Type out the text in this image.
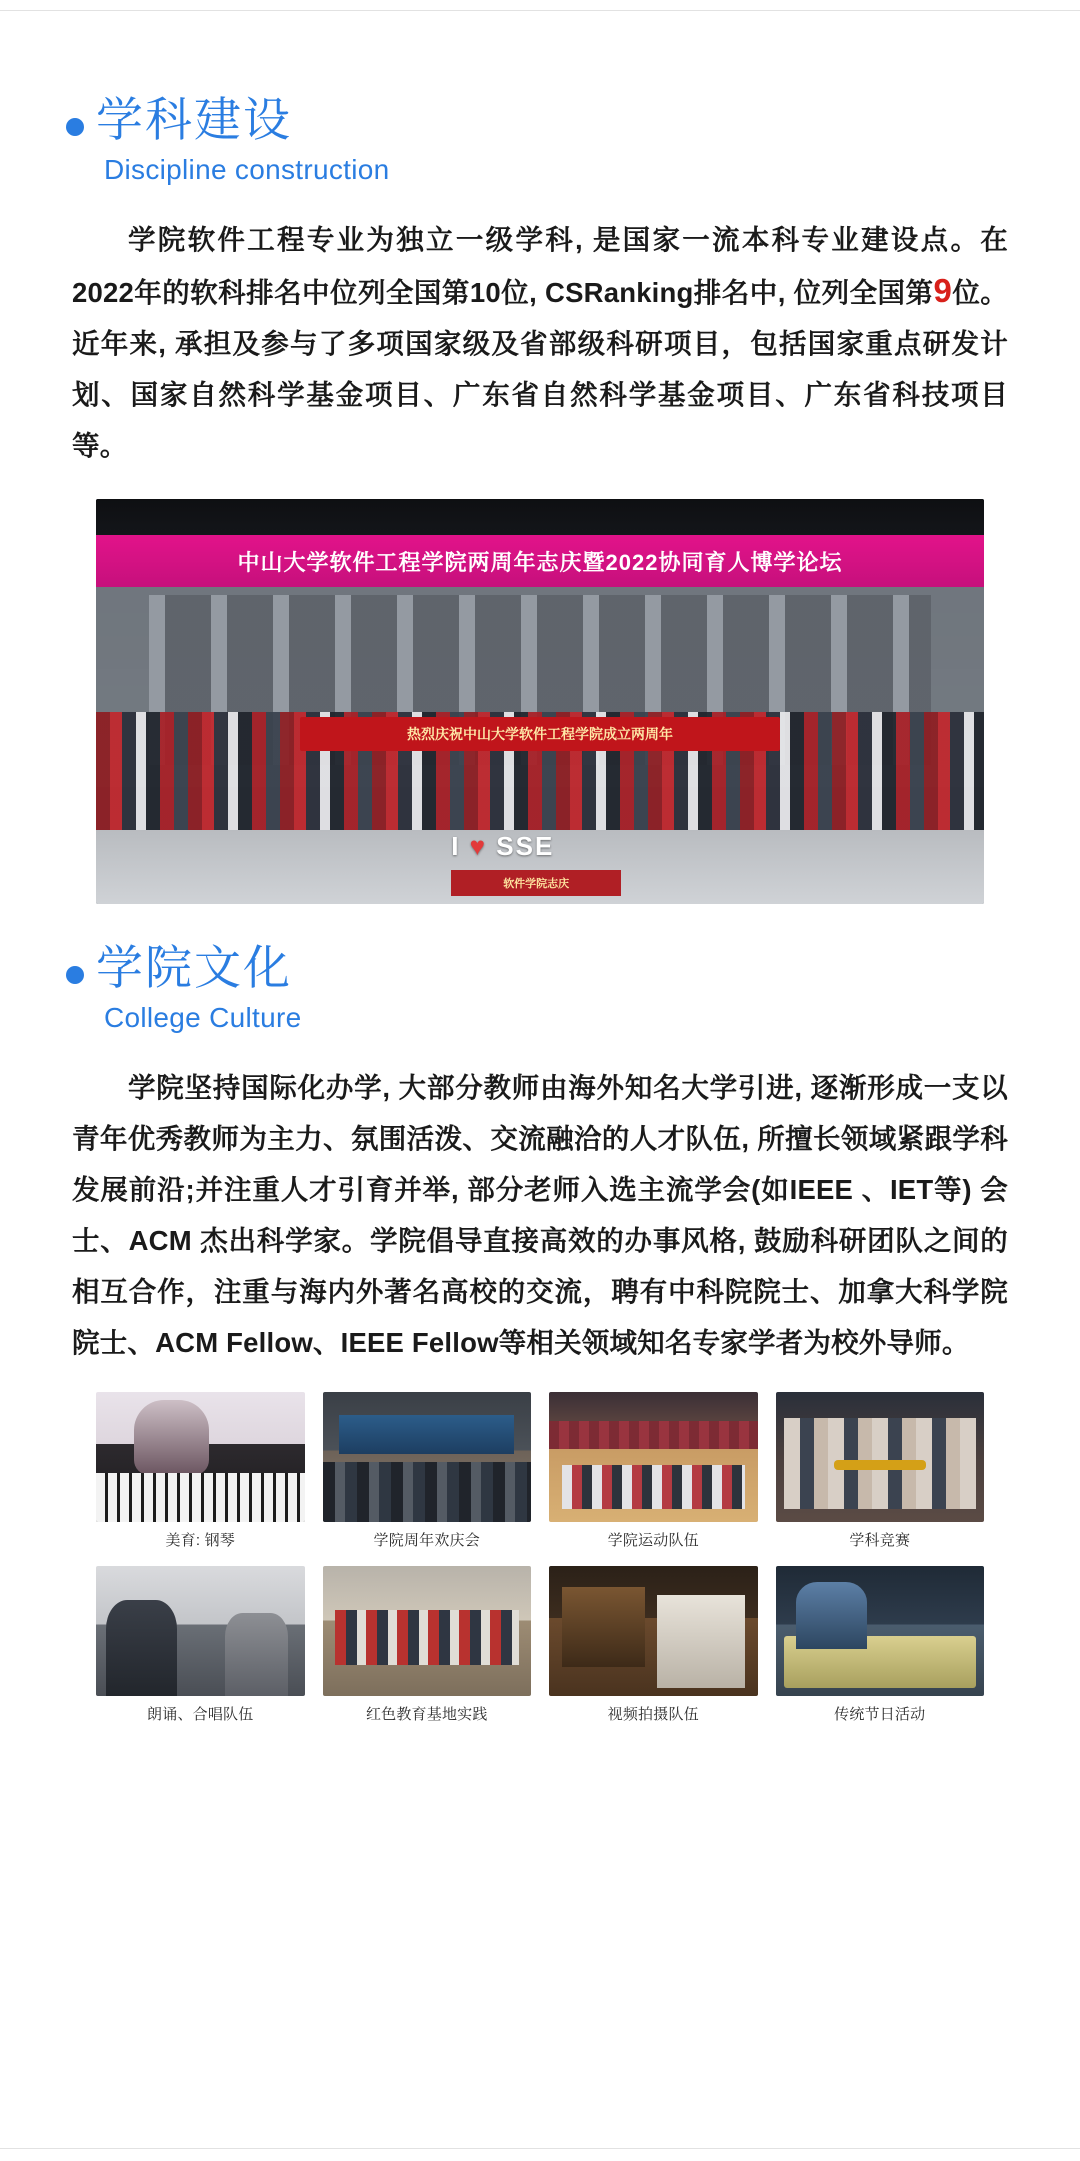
学科建设
Discipline construction

学院软件工程专业为独立一级学科, 是国家一流本科专业建设点。在2022年的软科排名中位列全国第10位, CSRanking排名中, 位列全国第9位。近年来, 承担及参与了多项国家级及省部级科研项目，包括国家重点研发计划、国家自然科学基金项目、广东省自然科学基金项目、广东省科技项目等。

中山大学软件工程学院两周年志庆暨2022协同育人博学论坛
热烈庆祝中山大学软件工程学院成立两周年
I ♥ SSE
软件学院志庆
学院文化
College Culture

学院坚持国际化办学, 大部分教师由海外知名大学引进, 逐渐形成一支以青年优秀教师为主力、氛围活泼、交流融洽的人才队伍, 所擅长领域紧跟学科发展前沿;并注重人才引育并举, 部分老师入选主流学会(如IEEE 、IET等) 会士、ACM 杰出科学家。学院倡导直接高效的办事风格, 鼓励科研团队之间的相互合作，注重与海内外著名高校的交流，聘有中科院院士、加拿大科学院院士、ACM Fellow、IEEE Fellow等相关领域知名专家学者为校外导师。

美育: 钢琴	学院周年欢庆会	学院运动队伍	学科竞赛
朗诵、合唱队伍	红色教育基地实践	视频拍摄队伍	传统节日活动
